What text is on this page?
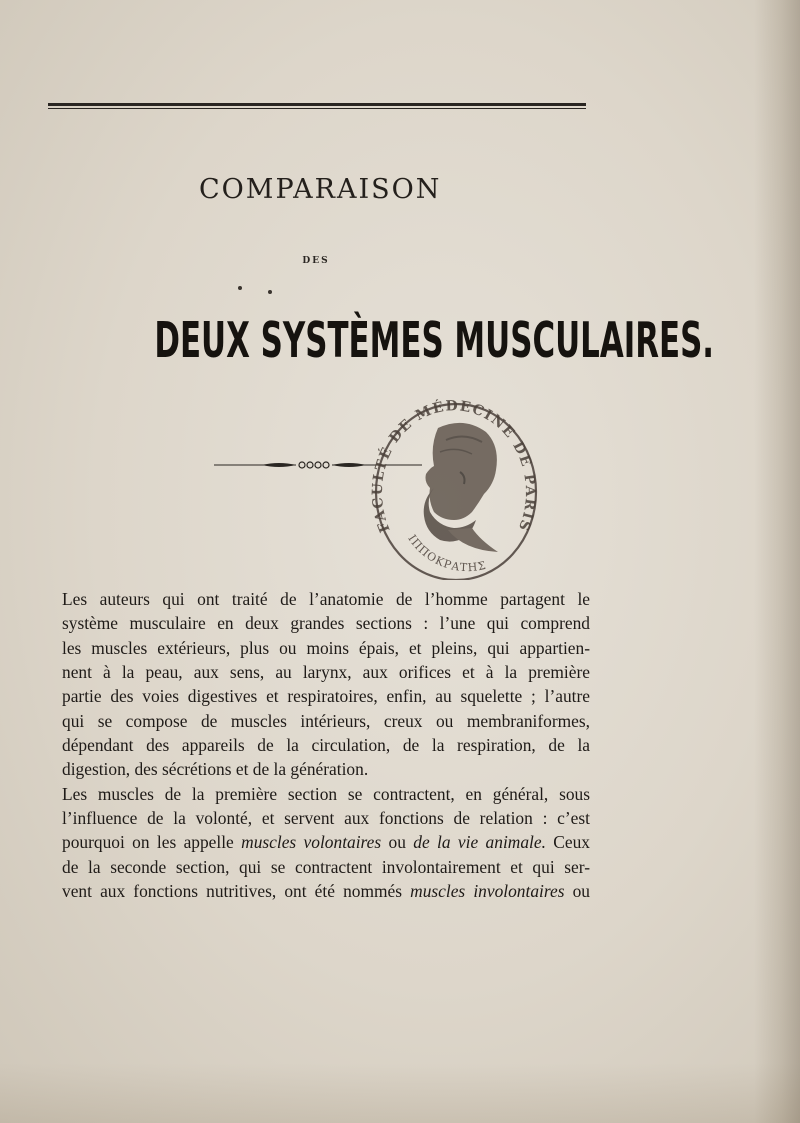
COMPARAISON
DES
DEUX SYSTÈMES MUSCULAIRES.
FACULTÉ DE MÉDECINE DE PARIS
ΙΠΠΟΚΡΑΤΗΣ

Les auteurs qui ont traité de l’anatomie de l’homme partagent le
système musculaire en deux grandes sections : l’une qui comprend
les muscles extérieurs, plus ou moins épais, et pleins, qui appartien-
nent à la peau, aux sens, au larynx, aux orifices et à la première
partie des voies digestives et respiratoires, enfin, au squelette ; l’autre
qui se compose de muscles intérieurs, creux ou membraniformes,
dépendant des appareils de la circulation, de la respiration, de la
digestion, des sécrétions et de la génération.

Les muscles de la première section se contractent, en général, sous
l’influence de la volonté, et servent aux fonctions de relation : c’est
pourquoi on les appelle muscles volontaires ou de la vie animale. Ceux
de la seconde section, qui se contractent involontairement et qui ser-
vent aux fonctions nutritives, ont été nommés muscles involontaires ou
